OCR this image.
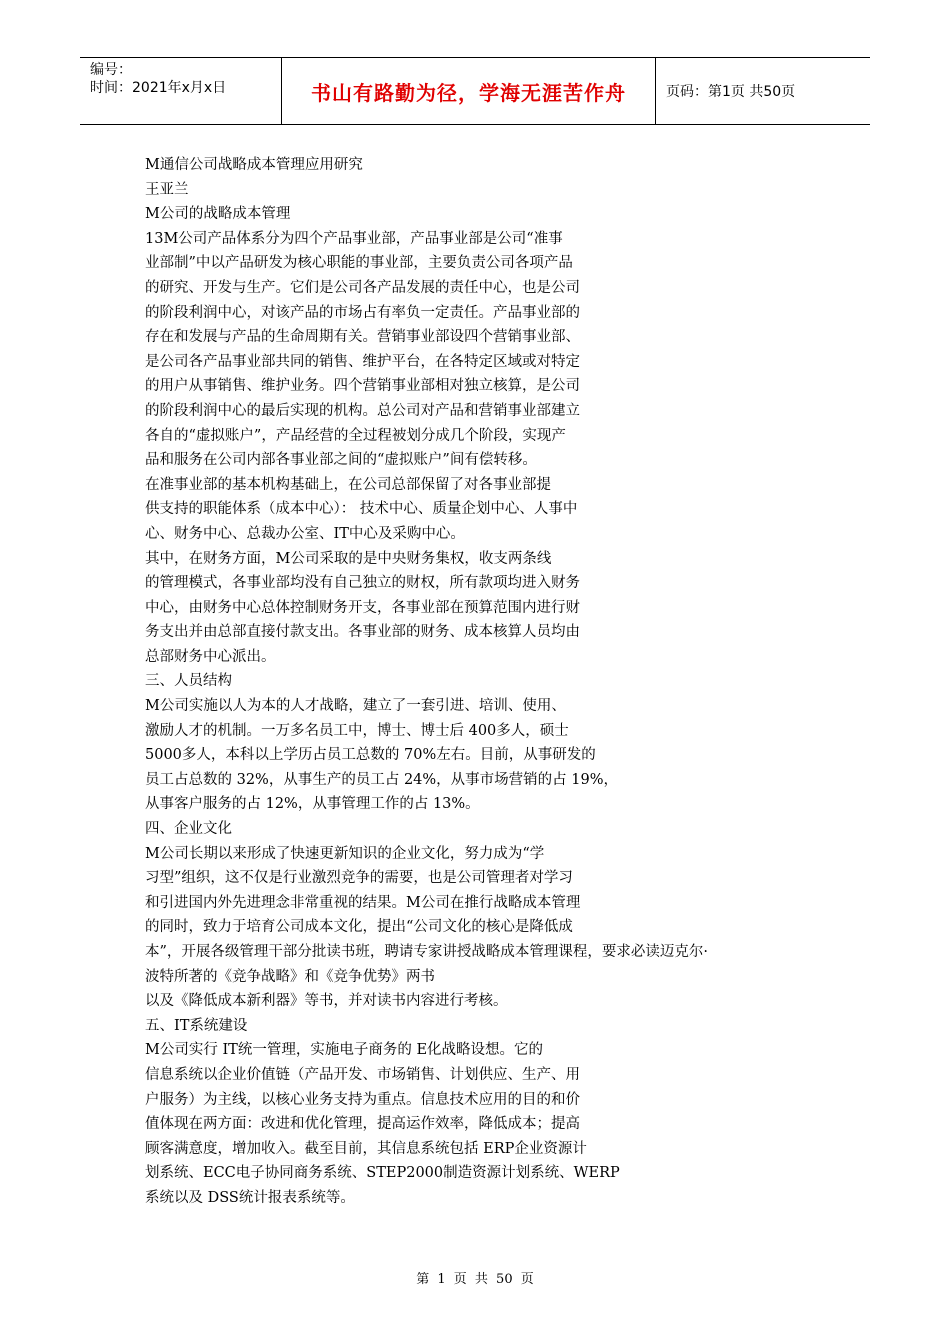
编号：
时间：2021年x月x日	书山有路勤为径，学海无涯苦作舟	页码：第1页 共50页
M通信公司战略成本管理应用研究
王亚兰
M公司的战略成本管理
13M公司产品体系分为四个产品事业部，产品事业部是公司“准事
业部制”中以产品研发为核心职能的事业部，主要负责公司各项产品
的研究、开发与生产。它们是公司各产品发展的责任中心，也是公司
的阶段利润中心，对该产品的市场占有率负一定责任。产品事业部的
存在和发展与产品的生命周期有关。营销事业部设四个营销事业部、
是公司各产品事业部共同的销售、维护平台，在各特定区域或对特定
的用户从事销售、维护业务。四个营销事业部相对独立核算，是公司
的阶段利润中心的最后实现的机构。总公司对产品和营销事业部建立
各自的“虚拟账户”，产品经营的全过程被划分成几个阶段，实现产
品和服务在公司内部各事业部之间的“虚拟账户”间有偿转移。
在准事业部的基本机构基础上，在公司总部保留了对各事业部提
供支持的职能体系（成本中心）： 技术中心、质量企划中心、人事中
心、财务中心、总裁办公室、IT中心及采购中心。
其中，在财务方面，M公司采取的是中央财务集权，收支两条线
的管理模式，各事业部均没有自己独立的财权，所有款项均进入财务
中心，由财务中心总体控制财务开支，各事业部在预算范围内进行财
务支出并由总部直接付款支出。各事业部的财务、成本核算人员均由
总部财务中心派出。
三、人员结构
M公司实施以人为本的人才战略，建立了一套引进、培训、使用、
激励人才的机制。一万多名员工中，博士、博士后 400多人，硕士
5000多人，本科以上学历占员工总数的 70%左右。目前，从事研发的
员工占总数的 32%，从事生产的员工占 24%，从事市场营销的占 19%，
从事客户服务的占 12%，从事管理工作的占 13%。
四、企业文化
M公司长期以来形成了快速更新知识的企业文化，努力成为“学
习型”组织，这不仅是行业激烈竞争的需要，也是公司管理者对学习
和引进国内外先进理念非常重视的结果。M公司在推行战略成本管理
的同时，致力于培育公司成本文化，提出“公司文化的核心是降低成
本”，开展各级管理干部分批读书班，聘请专家讲授战略成本管理课程，要求必读迈克尔·
波特所著的《竞争战略》和《竞争优势》两书
以及《降低成本新利器》等书，并对读书内容进行考核。
五、IT系统建设
M公司实行 IT统一管理，实施电子商务的 E化战略设想。它的
信息系统以企业价值链（产品开发、市场销售、计划供应、生产、用
户服务）为主线，以核心业务支持为重点。信息技术应用的目的和价
值体现在两方面：改进和优化管理，提高运作效率，降低成本；提高
顾客满意度，增加收入。截至目前，其信息系统包括 ERP企业资源计
划系统、ECC电子协同商务系统、STEP2000制造资源计划系统、WERP
系统以及 DSS统计报表系统等。
第 1 页 共 50 页
